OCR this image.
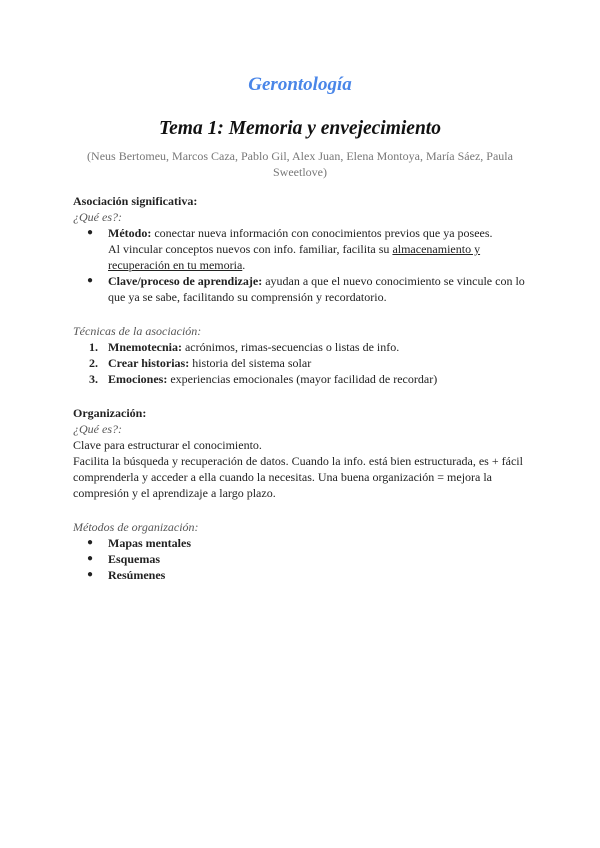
Gerontología
Tema 1: Memoria y envejecimiento
(Neus Bertomeu, Marcos Caza, Pablo Gil, Alex Juan, Elena Montoya, María Sáez, Paula Sweetlove)

Asociación significativa:

¿Qué es?:

● Método: conectar nueva información con conocimientos previos que ya posees.
Al vincular conceptos nuevos con info. familiar, facilita su almacenamiento y recuperación en tu memoria.
● Clave/proceso de aprendizaje: ayudan a que el nuevo conocimiento se vincule con lo que ya se sabe, facilitando su comprensión y recordatorio.

Técnicas de la asociación:

1. Mnemotecnia: acrónimos, rimas-secuencias o listas de info.
2. Crear historias: historia del sistema solar
3. Emociones: experiencias emocionales (mayor facilidad de recordar)

Organización:

¿Qué es?:

Clave para estructurar el conocimiento.

Facilita la búsqueda y recuperación de datos. Cuando la info. está bien estructurada, es + fácil comprenderla y acceder a ella cuando la necesitas. Una buena organización = mejora la compresión y el aprendizaje a largo plazo.

Métodos de organización:

● Mapas mentales
● Esquemas
● Resúmenes
